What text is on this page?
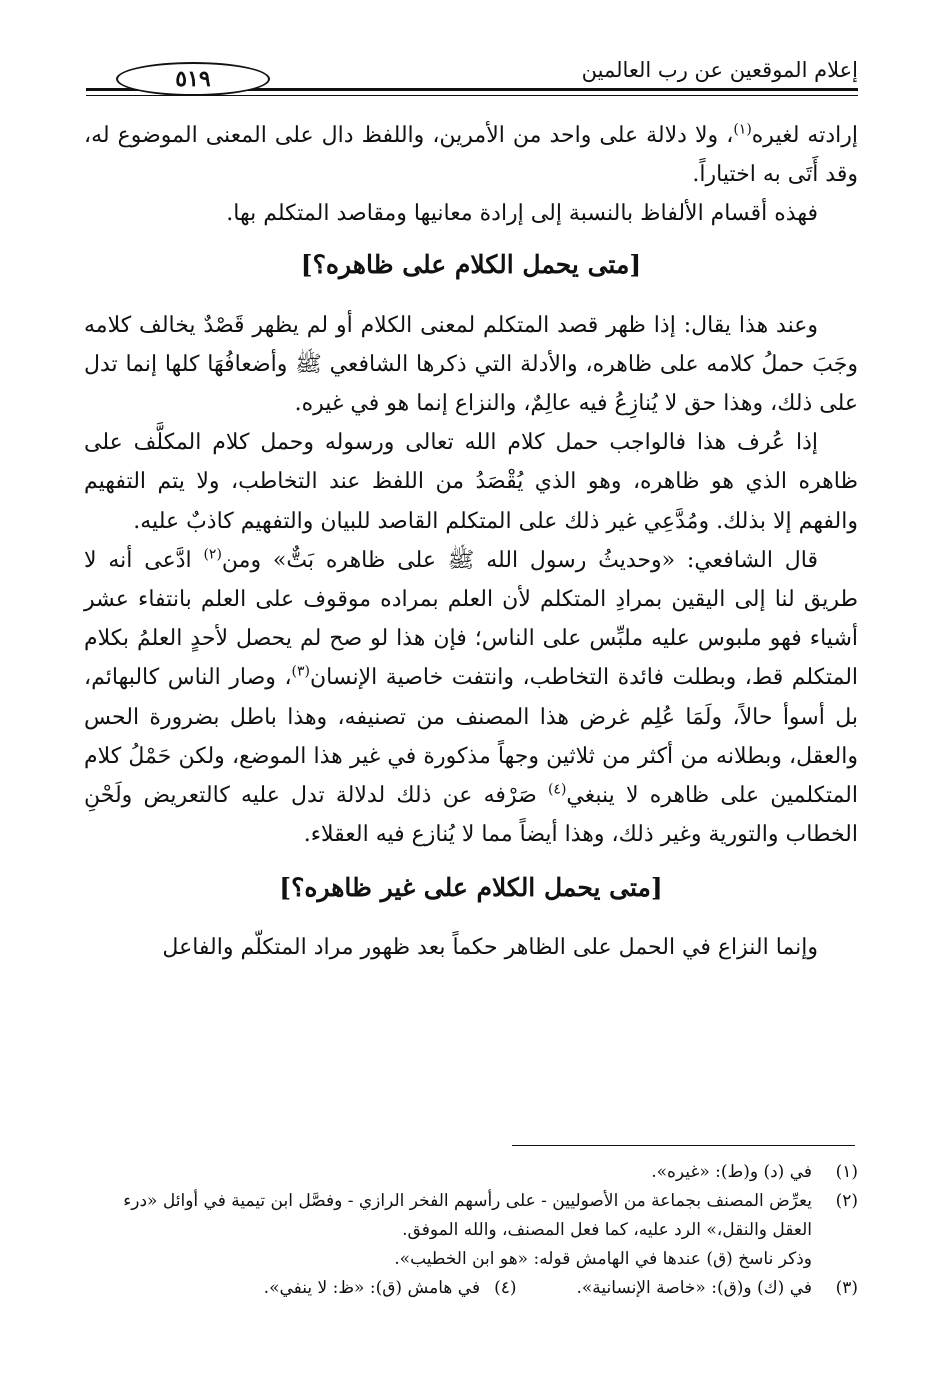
٥١٩	إعلام الموقعين عن رب العالمين

إرادته لغيره$^{(١)}$، ولا دلالة على واحد من الأمرين، واللفظ دال على المعنى الموضوع له، وقد أَتَى به اختياراً.

فهذه أقسام الألفاظ بالنسبة إلى إرادة معانيها ومقاصد المتكلم بها.

[متى يحمل الكلام على ظاهره؟]

وعند هذا يقال: إذا ظهر قصد المتكلم لمعنى الكلام أو لم يظهر قَصْدٌ يخالف كلامه وجَبَ حملُ كلامه على ظاهره، والأدلة التي ذكرها الشافعي ﷺ وأضعافُهَا كلها إنما تدل على ذلك، وهذا حق لا يُنازِعُ فيه عالِمٌ، والنزاع إنما هو في غيره.

إذا عُرف هذا فالواجب حمل كلام الله تعالى ورسوله وحمل كلام المكلَّف على ظاهره الذي هو ظاهره، وهو الذي يُقْصَدُ من اللفظ عند التخاطب، ولا يتم التفهيم والفهم إلا بذلك. ومُدَّعِي غير ذلك على المتكلم القاصد للبيان والتفهيم كاذبٌ عليه.

قال الشافعي: «وحديثُ رسول الله ﷺ على ظاهره بَتٌّ» ومن$^{(٢)}$ ادَّعى أنه لا طريق لنا إلى اليقين بمرادِ المتكلم لأن العلم بمراده موقوف على العلم بانتفاء عشر أشياء فهو ملبوس عليه ملبِّس على الناس؛ فإن هذا لو صح لم يحصل لأحدٍ العلمُ بكلام المتكلم قط، وبطلت فائدة التخاطب، وانتفت خاصية الإنسان$^{(٣)}$، وصار الناس كالبهائم، بل أسوأ حالاً، ولَمَا عُلِم غرض هذا المصنف من تصنيفه، وهذا باطل بضرورة الحس والعقل، وبطلانه من أكثر من ثلاثين وجهاً مذكورة في غير هذا الموضع، ولكن حَمْلُ كلام المتكلمين على ظاهره لا ينبغي$^{(٤)}$ صَرْفه عن ذلك لدلالة تدل عليه كالتعريض ولَحْنِ الخطاب والتورية وغير ذلك، وهذا أيضاً مما لا يُنازع فيه العقلاء.

[متى يحمل الكلام على غير ظاهره؟]

وإنما النزاع في الحمل على الظاهر حكماً بعد ظهور مراد المتكلّم والفاعل

(١)
في (د) و(ط): «غيره».
(٢)
يعرِّض المصنف بجماعة من الأصوليين - على رأسهم الفخر الرازي - وفصَّل ابن تيمية في أوائل «درء العقل والنقل،» الرد عليه، كما فعل المصنف، والله الموفق.
وذكر ناسخ (ق) عندها في الهامش قوله: «هو ابن الخطيب».
(٣)
في (ك) و(ق): «خاصة الإنسانية».
(٤)
في هامش (ق): «ظ: لا ينفي».
